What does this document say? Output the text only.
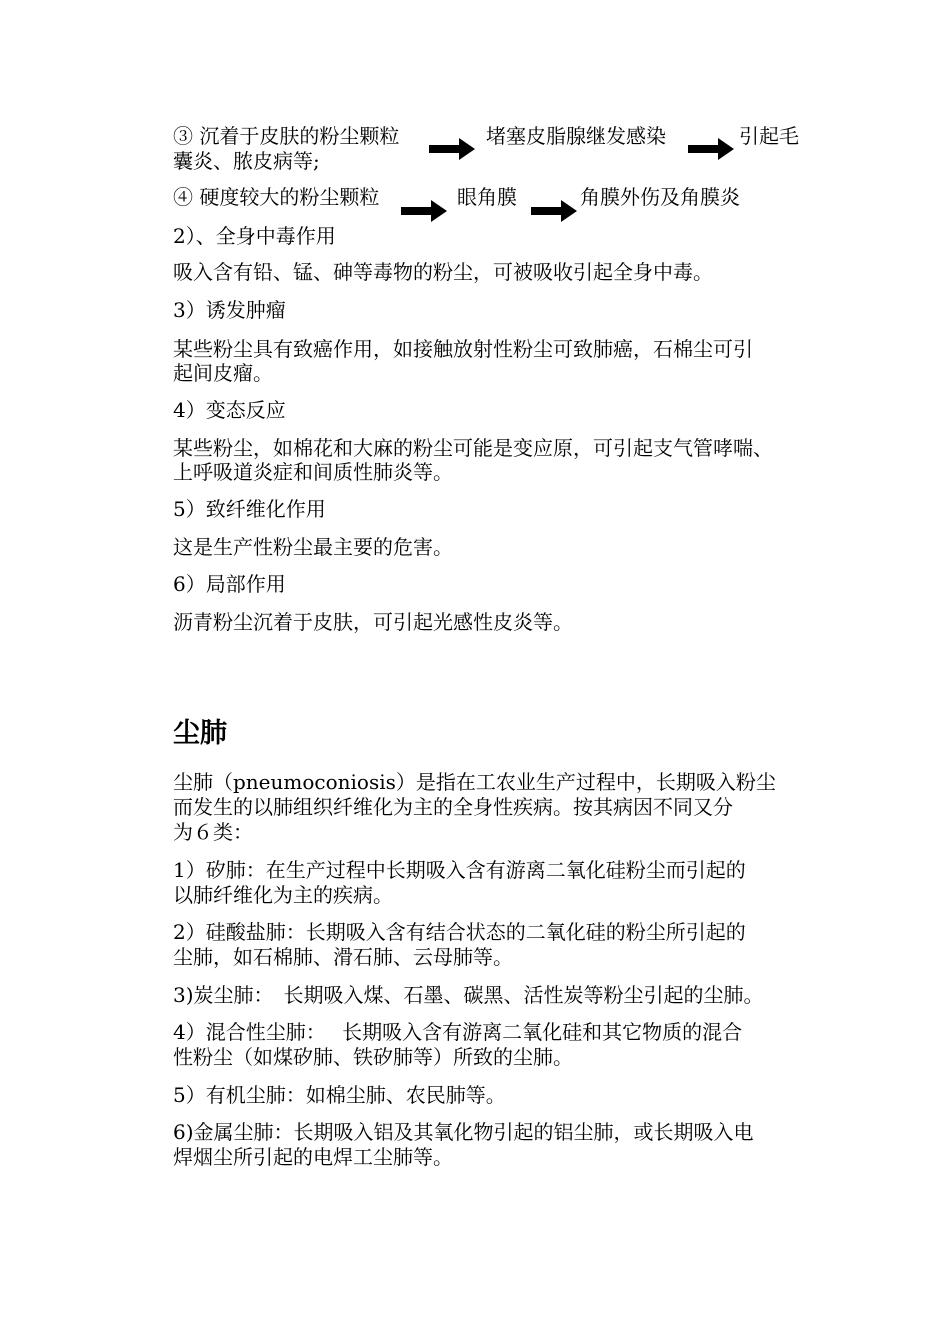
③ 沉着于皮肤的粉尘颗粒	堵塞皮脂腺继发感染	引起毛
囊炎、脓皮病等;
④ 硬度较大的粉尘颗粒	眼角膜	角膜外伤及角膜炎
2）、全身中毒作用
吸入含有铅、锰、砷等毒物的粉尘，可被吸收引起全身中毒。
3）诱发肿瘤
某些粉尘具有致癌作用，如接触放射性粉尘可致肺癌，石棉尘可引
起间皮瘤。
4）变态反应
某些粉尘，如棉花和大麻的粉尘可能是变应原，可引起支气管哮喘、
上呼吸道炎症和间质性肺炎等。
5）致纤维化作用
这是生产性粉尘最主要的危害。
6）局部作用
沥青粉尘沉着于皮肤，可引起光感性皮炎等。
尘肺
尘肺（pneumoconiosis）是指在工农业生产过程中，长期吸入粉尘
而发生的以肺组织纤维化为主的全身性疾病。按其病因不同又分
为６类：
1）矽肺：在生产过程中长期吸入含有游离二氧化硅粉尘而引起的
以肺纤维化为主的疾病。
2）硅酸盐肺：长期吸入含有结合状态的二氧化硅的粉尘所引起的
尘肺，如石棉肺、滑石肺、云母肺等。
3)炭尘肺：　长期吸入煤、石墨、碳黑、活性炭等粉尘引起的尘肺。
4）混合性尘肺：　 长期吸入含有游离二氧化硅和其它物质的混合
性粉尘（如煤矽肺、铁矽肺等）所致的尘肺。
5）有机尘肺：如棉尘肺、农民肺等。
6)金属尘肺：长期吸入铝及其氧化物引起的铝尘肺，或长期吸入电
焊烟尘所引起的电焊工尘肺等。
